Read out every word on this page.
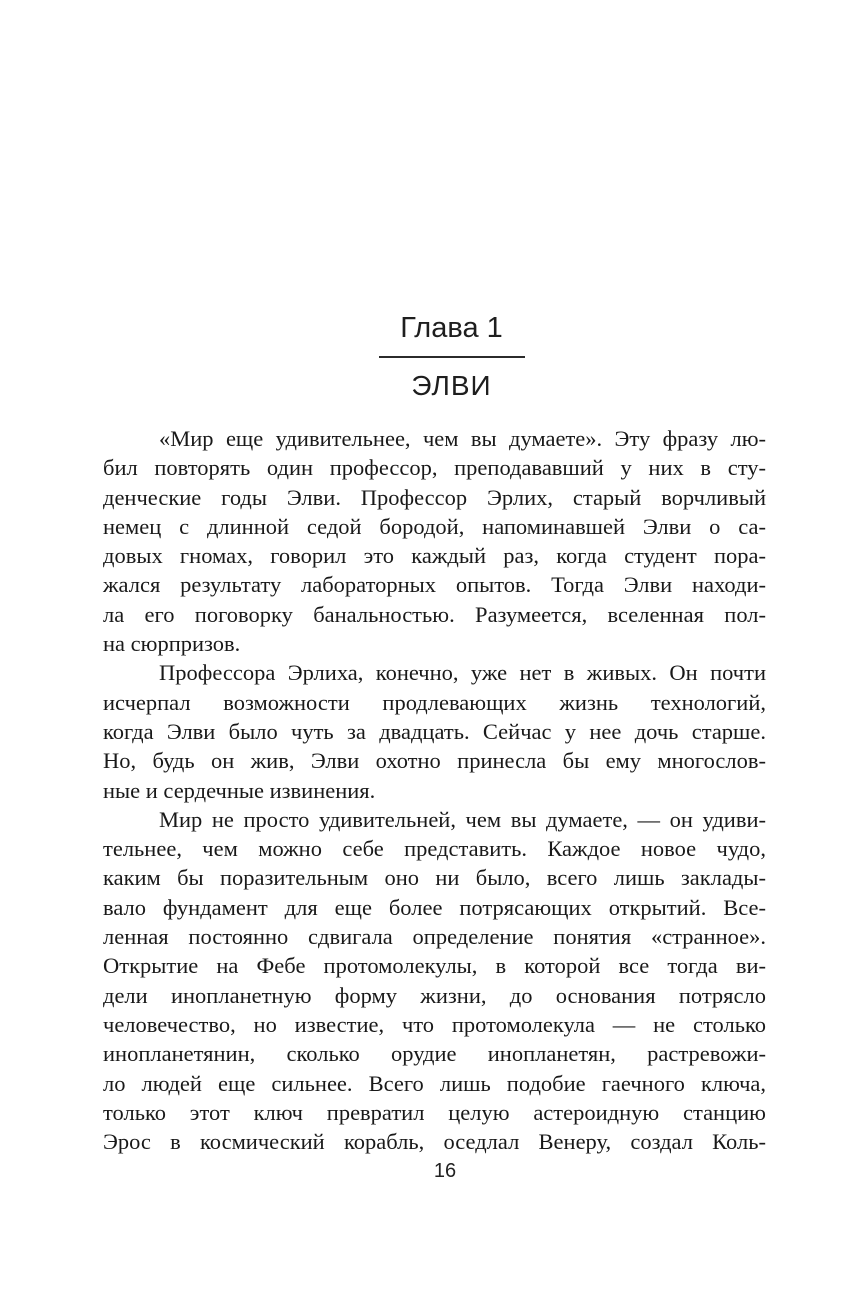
Глава 1
ЭЛВИ
«Мир еще удивительнее, чем вы думаете». Эту фразу лю-
бил повторять один профессор, преподававший у них в сту-
денческие годы Элви. Профессор Эрлих, старый ворчливый
немец с длинной седой бородой, напоминавшей Элви о са-
довых гномах, говорил это каждый раз, когда студент пора-
жался результату лабораторных опытов. Тогда Элви находи-
ла его поговорку банальностью. Разумеется, вселенная пол-
на сюрпризов.
Профессора Эрлиха, конечно, уже нет в живых. Он почти
исчерпал возможности продлевающих жизнь технологий,
когда Элви было чуть за двадцать. Сейчас у нее дочь старше.
Но, будь он жив, Элви охотно принесла бы ему многослов-
ные и сердечные извинения.
Мир не просто удивительней, чем вы думаете, — он удиви-
тельнее, чем можно себе представить. Каждое новое чудо,
каким бы поразительным оно ни было, всего лишь заклады-
вало фундамент для еще более потрясающих открытий. Все-
ленная постоянно сдвигала определение понятия «странное».
Открытие на Фебе протомолекулы, в которой все тогда ви-
дели инопланетную форму жизни, до основания потрясло
человечество, но известие, что протомолекула — не столько
инопланетянин, сколько орудие инопланетян, растревожи-
ло людей еще сильнее. Всего лишь подобие гаечного ключа,
только этот ключ превратил целую астероидную станцию
Эрос в космический корабль, оседлал Венеру, создал Коль-
16
